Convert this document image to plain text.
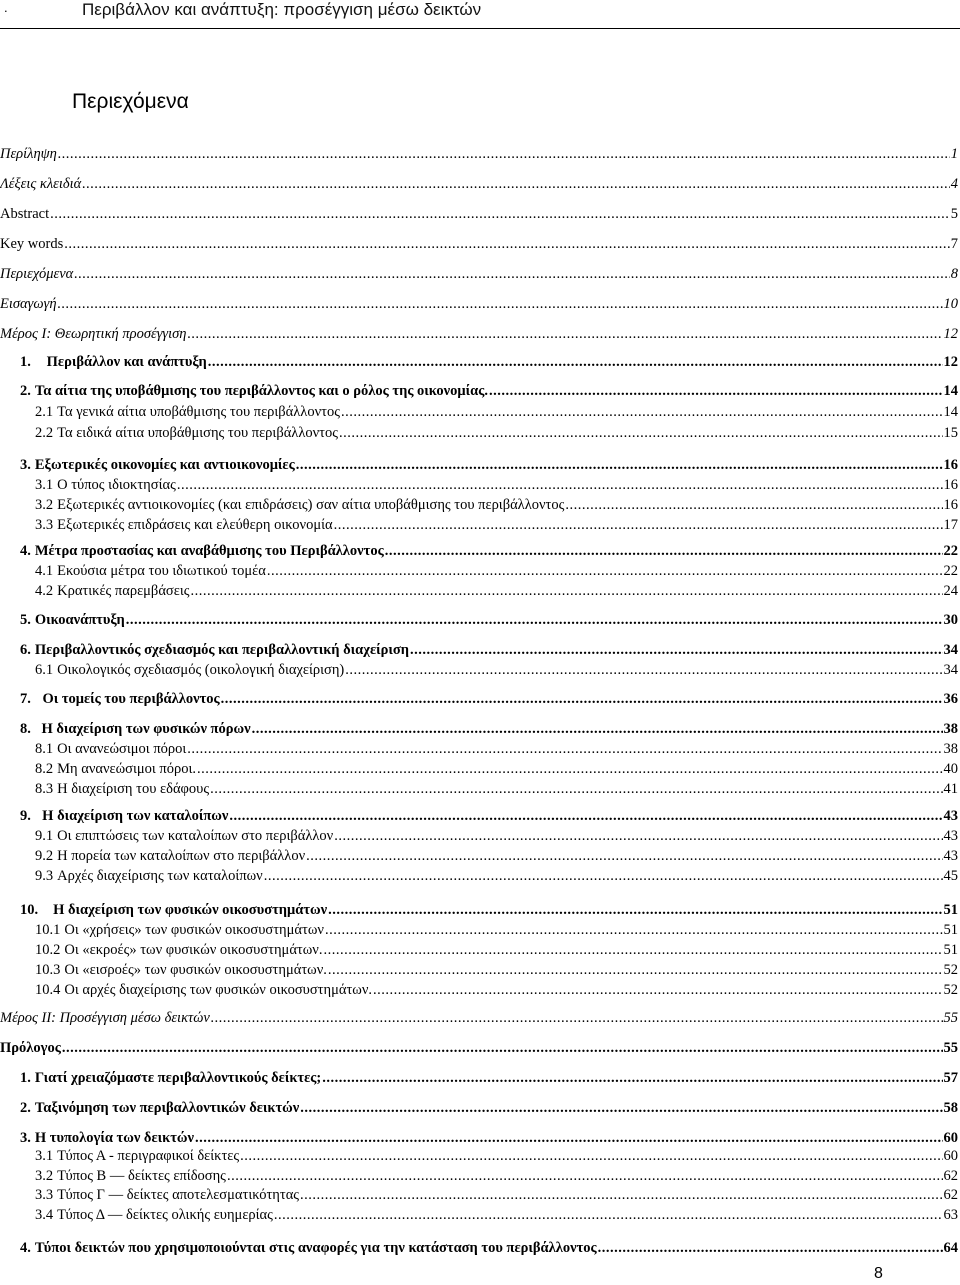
.	Περιβάλλον και ανάπτυξη: προσέγγιση μέσω δεικτών
Περιεχόμενα
Περίληψη .....	1
Λέξεις κλειδιά .....	4
Abstract .....	5
Key words .....	7
Περιεχόμενα .....	8
Εισαγωγή .....	10
Μέρος Ι: Θεωρητική προσέγγιση .....	12
1.	Περιβάλλον και ανάπτυξη .....	12
2. Τα αίτια της υποβάθμισης του περιβάλλοντος και ο ρόλος της οικονομίας. .....	14
2.1 Τα γενικά αίτια υποβάθμισης του περιβάλλοντος .....	14
2.2 Τα ειδικά αίτια υποβάθμισης του περιβάλλοντος .....	15
3. Εξωτερικές οικονομίες και αντιοικονομίες .....	16
3.1 Ο τύπος ιδιοκτησίας .....	16
3.2 Εξωτερικές αντιοικονομίες (και επιδράσεις) σαν αίτια υποβάθμισης του περιβάλλοντος .....	16
3.3 Εξωτερικές επιδράσεις και ελεύθερη οικονομία .....	17
4. Μέτρα προστασίας και αναβάθμισης του Περιβάλλοντος .....	22
4.1 Εκούσια μέτρα του ιδιωτικού τομέα .....	22
4.2 Κρατικές παρεμβάσεις .....	24
5. Οικοανάπτυξη .....	30
6. Περιβαλλοντικός σχεδιασμός και περιβαλλοντική διαχείριση .....	34
6.1 Οικολογικός σχεδιασμός (οικολογική διαχείριση) .....	34
7. Οι τομείς του περιβάλλοντος .....	36
8. Η διαχείριση των φυσικών πόρων .....	38
8.1 Οι ανανεώσιμοι πόροι .....	38
8.2 Μη ανανεώσιμοι πόροι. .....	40
8.3 Η διαχείριση του εδάφους .....	41
9. Η διαχείριση των καταλοίπων .....	43
9.1 Οι επιπτώσεις των καταλοίπων στο περιβάλλον .....	43
9.2 Η πορεία των καταλοίπων στο περιβάλλον .....	43
9.3 Αρχές διαχείρισης των καταλοίπων .....	45
10.	Η διαχείριση των φυσικών οικοσυστημάτων .....	51
10.1 Οι «χρήσεις» των φυσικών οικοσυστημάτων .....	51
10.2 Οι «εκροές» των φυσικών οικοσυστημάτων. .....	51
10.3 Οι «εισροές» των φυσικών οικοσυστημάτων. .....	52
10.4 Οι αρχές διαχείρισης των φυσικών οικοσυστημάτων. .....	52
Μέρος ΙΙ: Προσέγγιση μέσω δεικτών .....	55
Πρόλογος .....	55
1. Γιατί χρειαζόμαστε περιβαλλοντικούς δείκτες; .....	57
2. Ταξινόμηση των περιβαλλοντικών δεικτών .....	58
3. Η τυπολογία των δεικτών .....	60
3.1 Τύπος Α - περιγραφικοί δείκτες .....	60
3.2 Τύπος Β — δείκτες επίδοσης .....	62
3.3 Τύπος Γ — δείκτες αποτελεσματικότητας .....	62
3.4 Τύπος Δ — δείκτες ολικής ευημερίας .....	63
4. Τύποι δεικτών που χρησιμοποιούνται στις αναφορές για την κατάσταση του περιβάλλοντος .....	64
8
